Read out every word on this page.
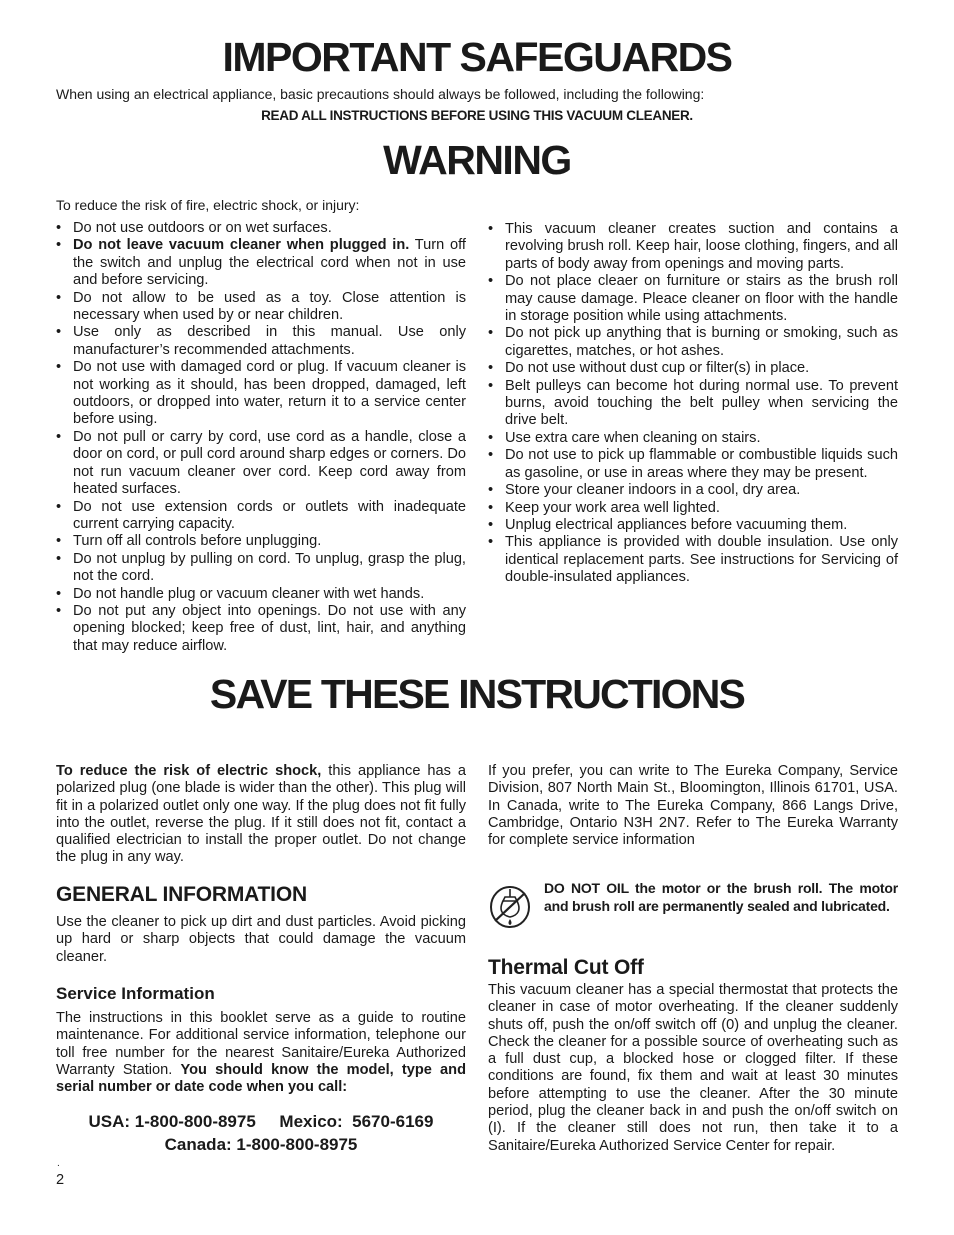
IMPORTANT SAFEGUARDS
When using an electrical appliance, basic precautions should always be followed, including the following:
READ ALL INSTRUCTIONS BEFORE USING THIS VACUUM CLEANER.
WARNING
To reduce the risk of fire, electric shock, or injury:
• Do not use outdoors or on wet surfaces.
• Do not leave vacuum cleaner when plugged in. Turn off the switch and unplug the electrical cord when not in use and before servicing.
• Do not allow to be used as a toy. Close attention is necessary when used by or near children.
• Use only as described in this manual. Use only manufacturer’s recommended attachments.
• Do not use with damaged cord or plug. If vacuum cleaner is not working as it should, has been dropped, damaged, left outdoors, or dropped into water, return it to a service center before using.
• Do not pull or carry by cord, use cord as a handle, close a door on cord, or pull cord around sharp edges or corners. Do not run vacuum cleaner over cord. Keep cord away from heated surfaces.
• Do not use extension cords or outlets with inadequate current carrying capacity.
• Turn off all controls before unplugging.
• Do not unplug by pulling on cord. To unplug, grasp the plug, not the cord.
• Do not handle plug or vacuum cleaner with wet hands.
• Do not put any object into openings. Do not use with any opening blocked; keep free of dust, lint, hair, and anything that may reduce airflow.
• This vacuum cleaner creates suction and contains a revolving brush roll. Keep hair, loose clothing, fingers, and all parts of body away from openings and moving parts.
• Do not place cleaer on furniture or stairs as the brush roll may cause damage. Pleace cleaner on floor with the handle in storage position while using attachments.
• Do not pick up anything that is burning or smoking, such as cigarettes, matches, or hot ashes.
• Do not use without dust cup or filter(s) in place.
• Belt pulleys can become hot during normal use. To prevent burns, avoid touching the belt pulley when servicing the drive belt.
• Use extra care when cleaning on stairs.
• Do not use to pick up flammable or combustible liquids such as gasoline, or use in areas where they may be present.
• Store your cleaner indoors in a cool, dry area.
• Keep your work area well lighted.
• Unplug electrical appliances before vacuuming them.
• This appliance is provided with double insulation. Use only identical replacement parts. See instructions for Servicing of double-insulated appliances.
SAVE THESE INSTRUCTIONS

To reduce the risk of electric shock, this appliance has a polarized plug (one blade is wider than the other). This plug will fit in a polarized outlet only one way. If the plug does not fit fully into the outlet, reverse the plug. If it still does not fit, contact a qualified electrician to install the proper outlet. Do not change the plug in any way.

If you prefer, you can write to The Eureka Company, Service Division, 807 North Main St., Bloomington, Illinois 61701, USA. In Canada, write to The Eureka Company, 866 Langs Drive, Cambridge, Ontario N3H 2N7. Refer to The Eureka Warranty for complete service information

GENERAL INFORMATION

Use the cleaner to pick up dirt and dust particles. Avoid picking up hard or sharp objects that could damage the vacuum cleaner.

Service Information

The instructions in this booklet serve as a guide to routine maintenance. For additional service information, telephone our toll free number for the nearest Sanitaire/Eureka Authorized Warranty Station. You should know the model, type and serial number or date code when you call:

USA: 1-800-800-8975     Mexico:  5670-6169
Canada: 1-800-800-8975
DO NOT OIL the motor or the brush roll. The motor and brush roll are permanently sealed and lubricated.
Thermal Cut Off

This vacuum cleaner has a special thermostat that protects the cleaner in case of motor overheating. If the cleaner suddenly shuts off, push the on/off switch off (0) and unplug the cleaner. Check the cleaner for a possible source of overheating such as a full dust cup, a blocked hose or clogged filter. If these conditions are found, fix them and wait at least 30 minutes before attempting to use the cleaner. After the 30 minute period, plug the cleaner back in and push the on/off switch on (I). If the cleaner still does not run, then take it to a Sanitaire/Eureka Authorized Service Center for repair.

.
2
